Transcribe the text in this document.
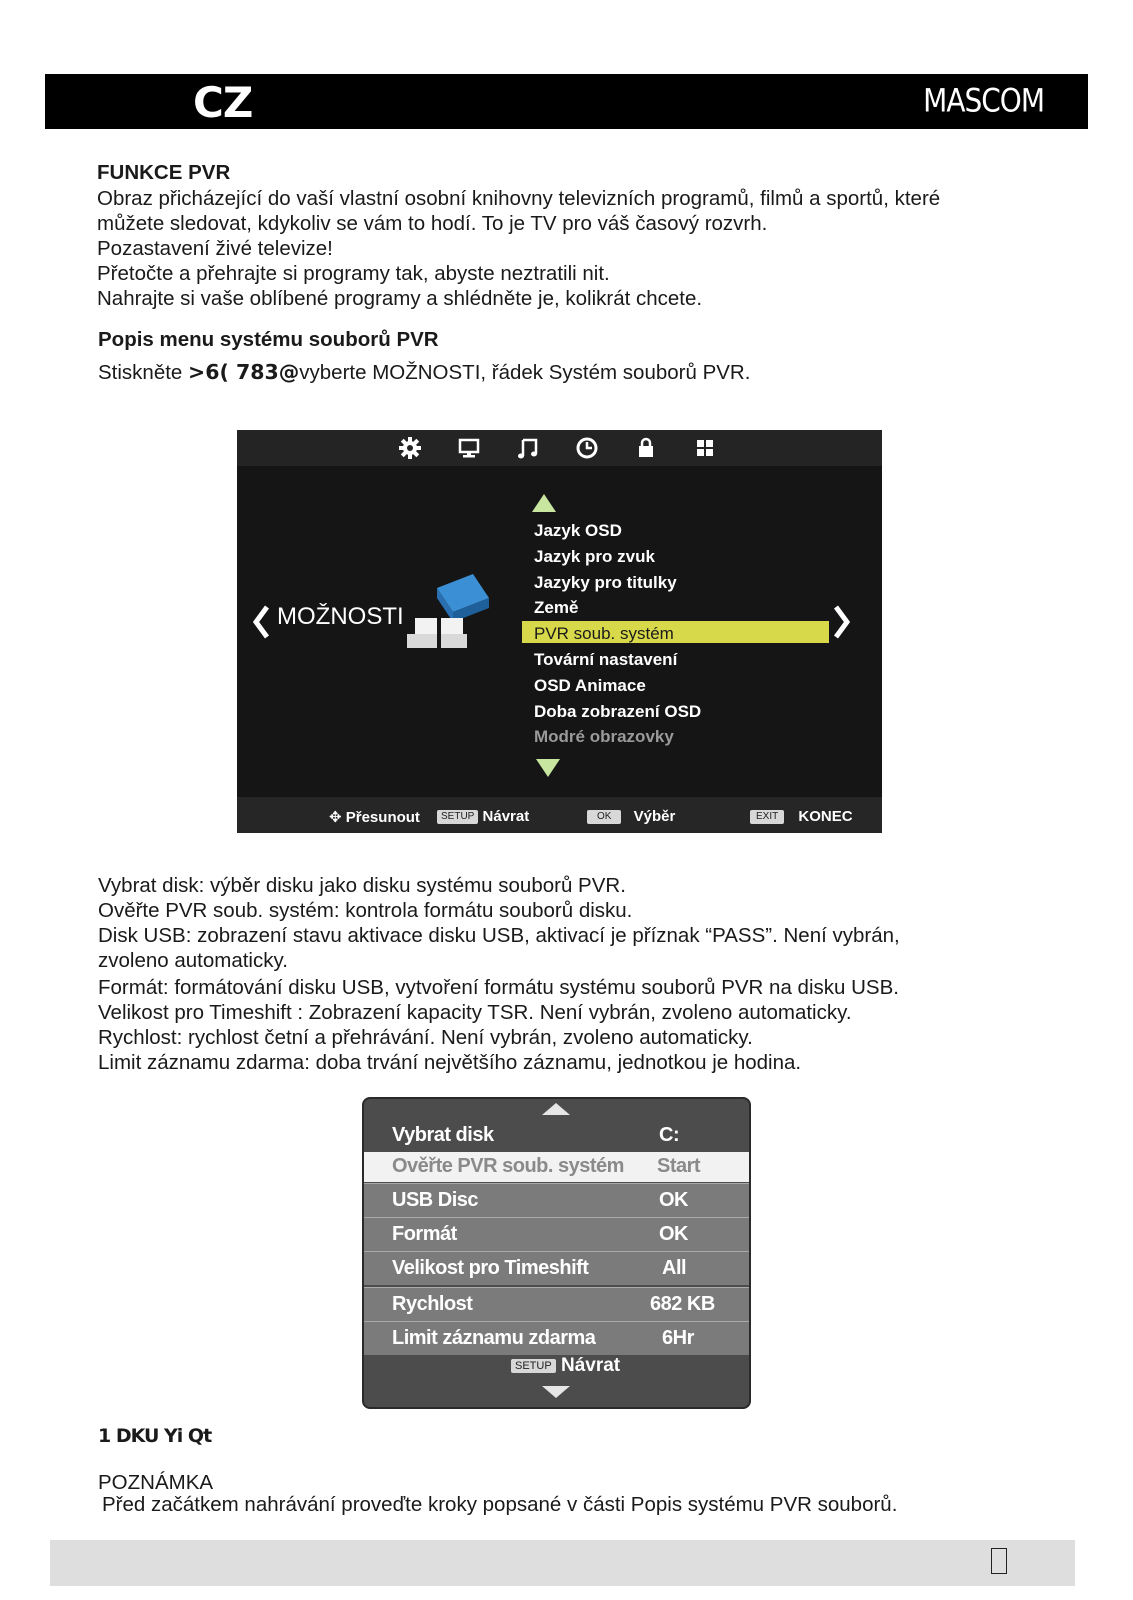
CZ	MASCOM
FUNKCE PVR
Obraz přicházející do vaší vlastní osobní knihovny televizních programů, filmů a sportů, které
můžete sledovat, kdykoliv se vám to hodí. To je TV pro váš časový rozvrh.
Pozastavení živé televize!
Přetočte a přehrajte si programy tak, abyste neztratili nit.
Nahrajte si vaše oblíbené programy a shlédněte je, kolikrát chcete.
Popis menu systému souborů PVR
Stiskněte >6( 783@vyberte MOŽNOSTI, řádek Systém souborů PVR.
MOŽNOSTI
Jazyk OSD
Jazyk pro zvuk
Jazyky pro titulky
Země
PVR soub. systém
Tovární nastavení
OSD Animace
Doba zobrazení OSD
Modré obrazovky
✥ Přesunout	SETUP Návrat	OK Výběr	EXIT KONEC
Vybrat disk: výběr disku jako disku systému souborů PVR.
Ověřte PVR soub. systém: kontrola formátu souborů disku.
Disk USB: zobrazení stavu aktivace disku USB, aktivací je příznak “PASS”. Není vybrán,
zvoleno automaticky.
Formát: formátování disku USB, vytvoření formátu systému souborů PVR na disku USB.
Velikost pro Timeshift : Zobrazení kapacity TSR. Není vybrán, zvoleno automaticky.
Rychlost: rychlost četní a přehrávání. Není vybrán, zvoleno automaticky.
Limit záznamu zdarma: doba trvání největšího záznamu, jednotkou je hodina.
Vybrat disk	C:
Ověřte PVR soub. systém Start
USB Disc	OK
Formát	OK
Velikost pro Timeshift	All
Rychlost	682 KB
Limit záznamu zdarma	6Hr
SETUP Návrat
1 DKU Yi Qt
POZNÁMKA
Před začátkem nahrávání proveďte kroky popsané v části Popis systému PVR souborů.
